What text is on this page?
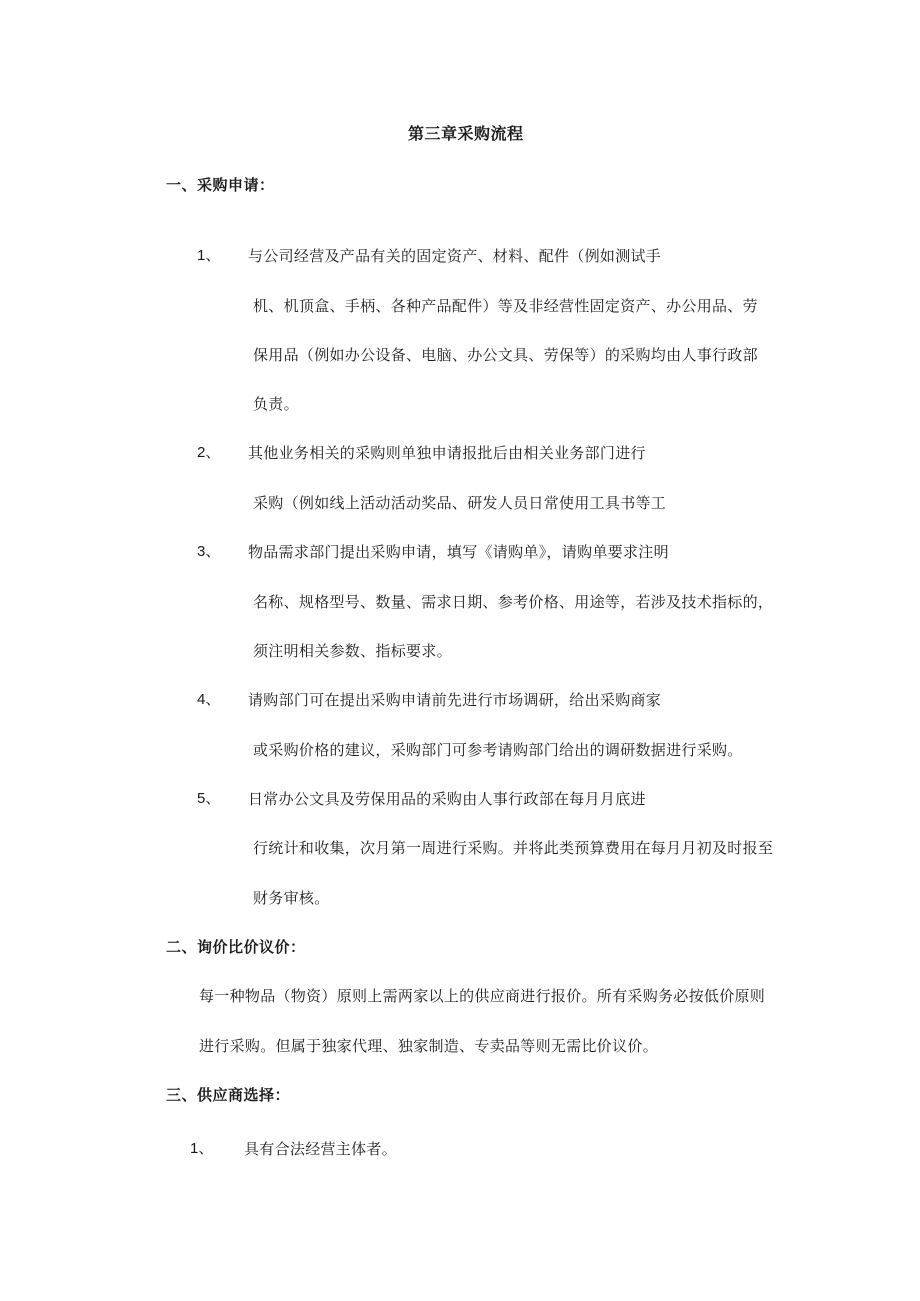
第三章采购流程
一、采购申请：
1、 与公司经营及产品有关的固定资产、材料、配件（例如测试手
机、机顶盒、手柄、各种产品配件）等及非经营性固定资产、办公用品、劳
保用品（例如办公设备、电脑、办公文具、劳保等）的采购均由人事行政部
负责。
2、 其他业务相关的采购则单独申请报批后由相关业务部门进行
采购（例如线上活动活动奖品、研发人员日常使用工具书等工
3、 物品需求部门提出采购申请，填写《请购单》，请购单要求注明
名称、规格型号、数量、需求日期、参考价格、用途等，若涉及技术指标的，
须注明相关参数、指标要求。
4、 请购部门可在提出采购申请前先进行市场调研，给出采购商家
或采购价格的建议，采购部门可参考请购部门给出的调研数据进行采购。
5、 日常办公文具及劳保用品的采购由人事行政部在每月月底进
行统计和收集，次月第一周进行采购。并将此类预算费用在每月月初及时报至
财务审核。
二、询价比价议价：
每一种物品（物资）原则上需两家以上的供应商进行报价。所有采购务必按低价原则
进行采购。但属于独家代理、独家制造、专卖品等则无需比价议价。
三、供应商选择：
1、 具有合法经营主体者。
